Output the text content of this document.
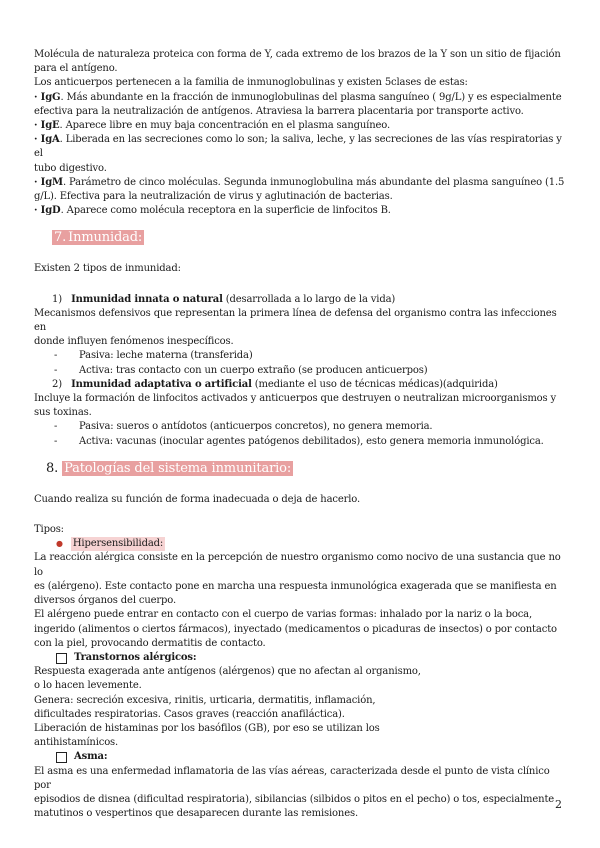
Molécula de naturaleza proteica con forma de Y, cada extremo de los brazos de la Y son un sitio de fijación

para el antígeno.

Los anticuerpos pertenecen a la familia de inmunoglobulinas y existen 5clases de estas:

· IgG. Más abundante en la fracción de inmunoglobulinas del plasma sanguíneo ( 9g/L) y es especialmente

efectiva para la neutralización de antígenos. Atraviesa la barrera placentaria por transporte activo.

· IgE. Aparece libre en muy baja concentración en el plasma sanguíneo.

· IgA. Liberada en las secreciones como lo son; la saliva, leche, y las secreciones de las vías respiratorias y el

tubo digestivo.

· IgM. Parámetro de cinco moléculas. Segunda inmunoglobulina más abundante del plasma sanguíneo (1.5

g/L). Efectiva para la neutralización de virus y aglutinación de bacterias.

· IgD. Aparece como molécula receptora en la superficie de linfocitos B.

7. Inmunidad:

Existen 2 tipos de inmunidad:

1) Inmunidad innata o natural (desarrollada a lo largo de la vida)

Mecanismos defensivos que representan la primera línea de defensa del organismo contra las infecciones en

donde influyen fenómenos inespecíficos.

-	Pasiva: leche materna (transferida)
-	Activa: tras contacto con un cuerpo extraño (se producen anticuerpos)

2) Inmunidad adaptativa o artificial (mediante el uso de técnicas médicas)(adquirida)

Incluye la formación de linfocitos activados y anticuerpos que destruyen o neutralizan microorganismos y

sus toxinas.

-	Pasiva: sueros o antídotos (anticuerpos concretos), no genera memoria.
-	Activa: vacunas (inocular agentes patógenos debilitados), esto genera memoria inmunológica.

8. Patologías del sistema inmunitario:

Cuando realiza su función de forma inadecuada o deja de hacerlo.

Tipos:

● Hipersensibilidad:

La reacción alérgica consiste en la percepción de nuestro organismo como nocivo de una sustancia que no lo

es (alérgeno). Este contacto pone en marcha una respuesta inmunológica exagerada que se manifiesta en

diversos órganos del cuerpo.

El alérgeno puede entrar en contacto con el cuerpo de varias formas: inhalado por la nariz o la boca,

ingerido (alimentos o ciertos fármacos), inyectado (medicamentos o picaduras de insectos) o por contacto

con la piel, provocando dermatitis de contacto.

Transtornos alérgicos:

Respuesta exagerada ante antígenos (alérgenos) que no afectan al organismo,

o lo hacen levemente.

Genera: secreción excesiva, rinitis, urticaria, dermatitis, inflamación,

dificultades respiratorias. Casos graves (reacción anafiláctica).

Liberación de histaminas por los basófilos (GB), por eso se utilizan los

antihistamínicos.

Asma:

El asma es una enfermedad inflamatoria de las vías aéreas, caracterizada desde el punto de vista clínico por

episodios de disnea (dificultad respiratoria), sibilancias (silbidos o pitos en el pecho) o tos, especialmente

matutinos o vespertinos que desaparecen durante las remisiones.

2
